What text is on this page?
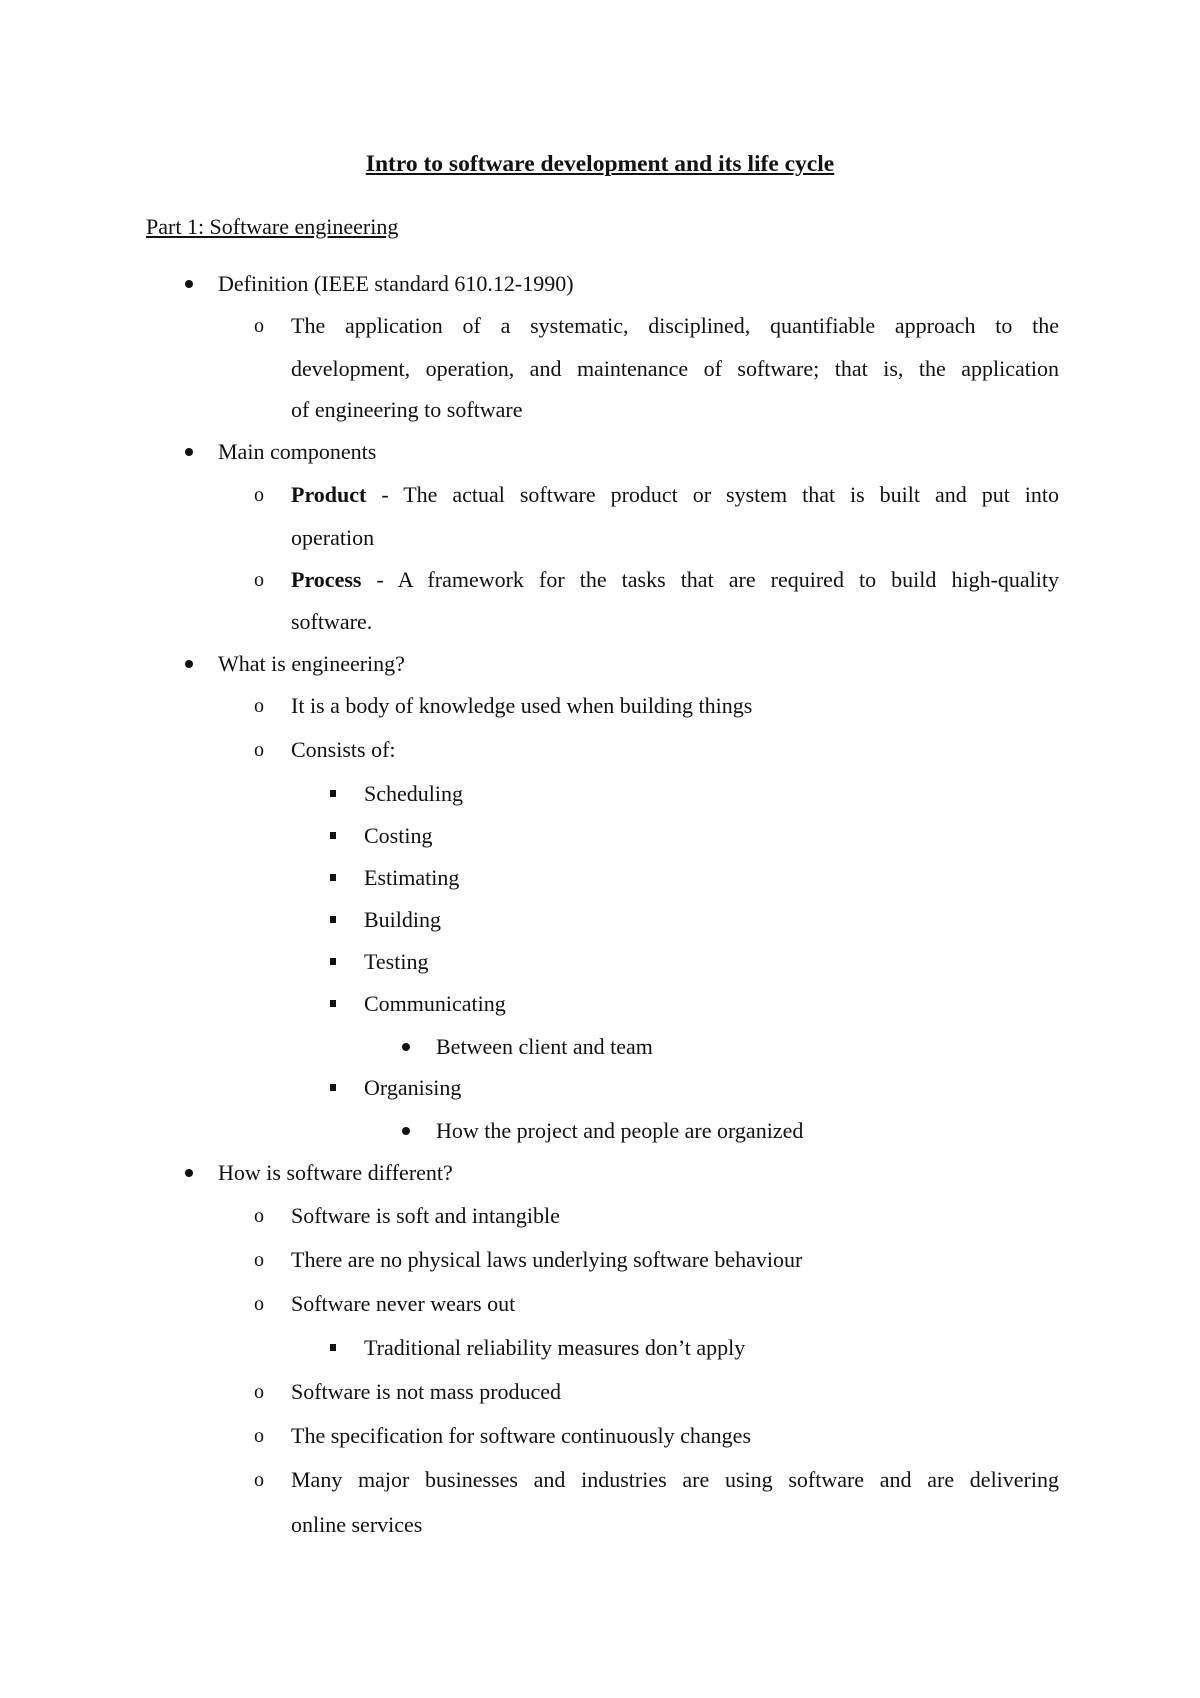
Intro to software development and its life cycle
Part 1: Software engineering
Definition (IEEE standard 610.12-1990)
o The application of a systematic, disciplined, quantifiable approach to the
development, operation, and maintenance of software; that is, the application
of engineering to software
Main components
o Product - The actual software product or system that is built and put into
operation
o Process - A framework for the tasks that are required to build high-quality
software.
What is engineering?
o It is a body of knowledge used when building things
o Consists of:
Scheduling
Costing
Estimating
Building
Testing
Communicating
Between client and team
Organising
How the project and people are organized
How is software different?
o Software is soft and intangible
o There are no physical laws underlying software behaviour
o Software never wears out
Traditional reliability measures don’t apply
o Software is not mass produced
o The specification for software continuously changes
o Many major businesses and industries are using software and are delivering
online services
